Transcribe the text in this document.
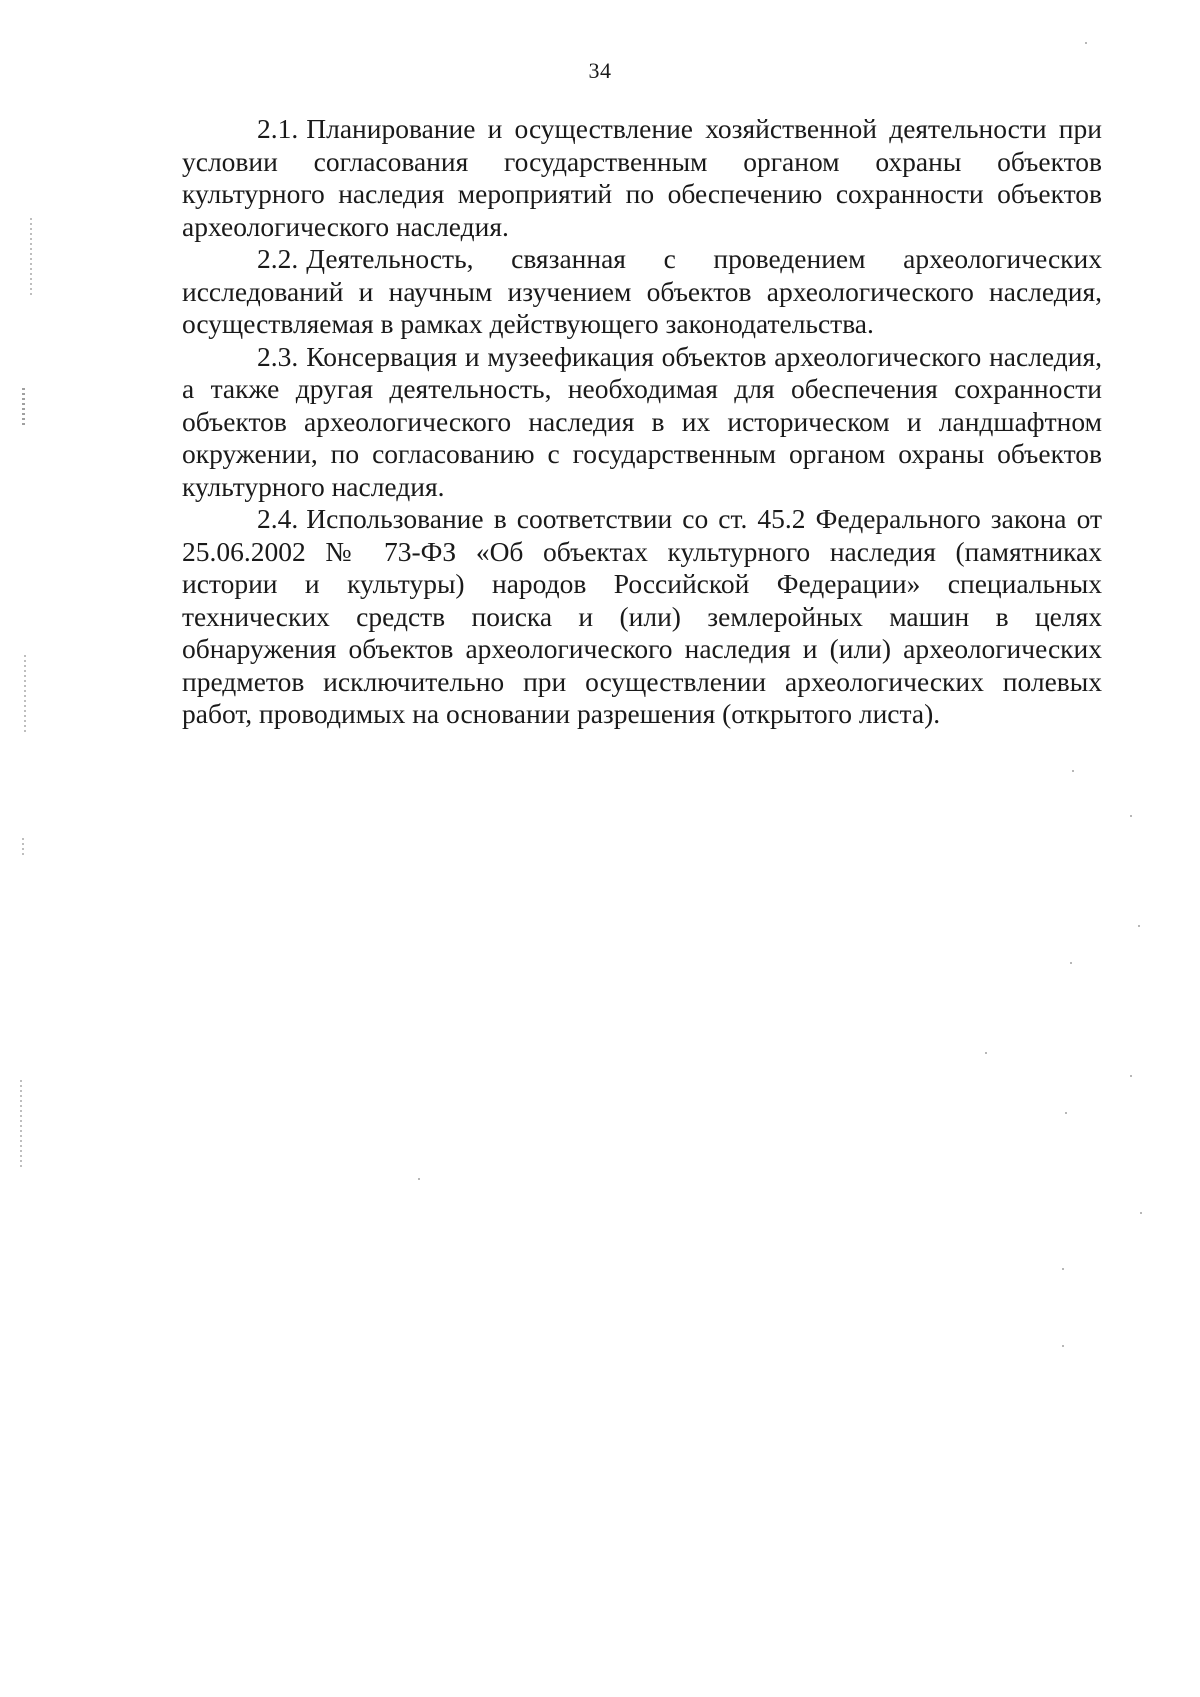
34

2.1. Планирование и осуществление хозяйственной деятельности при условии согласования государственным органом охраны объектов культурного наследия мероприятий по обеспечению сохранности объектов археологического наследия.

2.2. Деятельность, связанная с проведением археологических исследований и научным изучением объектов археологического наследия, осуществляемая в рамках действующего законодательства.

2.3. Консервация и музеефикация объектов археологического наследия, а также другая деятельность, необходимая для обеспечения сохранности объектов археологического наследия в их историческом и ландшафтном окружении, по согласованию с государственным органом охраны объектов культурного наследия.

2.4. Использование в соответствии со ст. 45.2 Федерального закона от 25.06.2002 № 73-ФЗ «Об объектах культурного наследия (памятниках истории и культуры) народов Российской Федерации» специальных технических средств поиска и (или) землеройных машин в целях обнаружения объектов археологического наследия и (или) археологических предметов исключительно при осуществлении археологических полевых работ, проводимых на основании разрешения (открытого листа).
